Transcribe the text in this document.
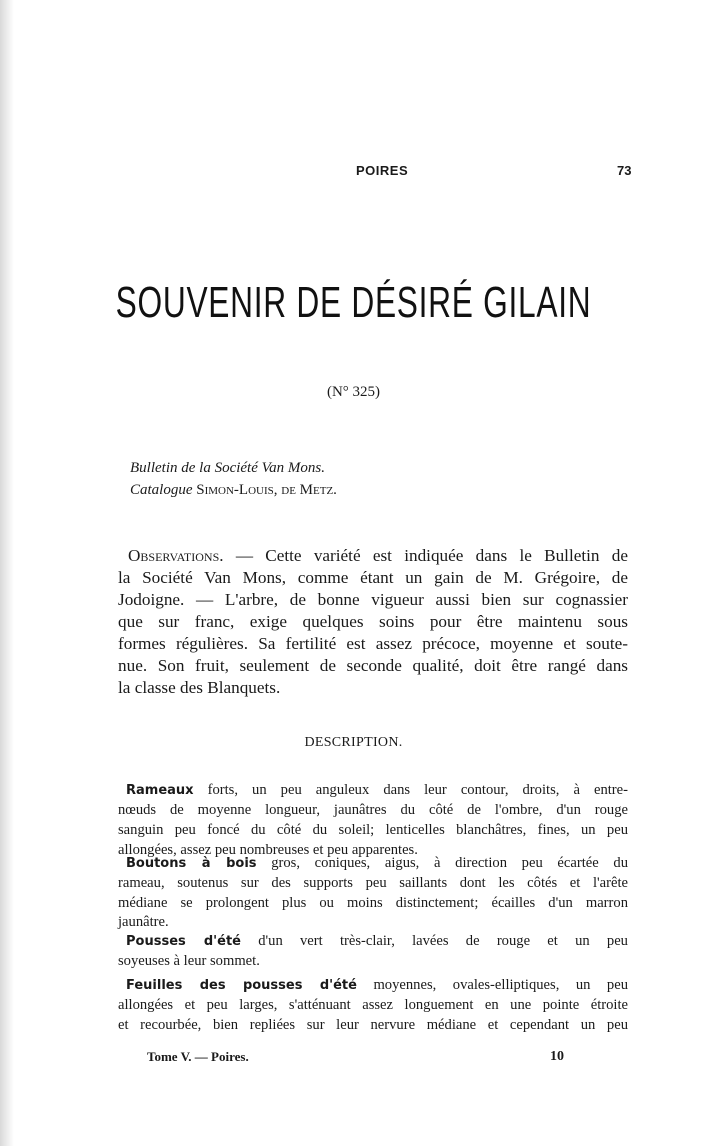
POIRES	73
SOUVENIR DE DÉSIRÉ GILAIN
(N° 325)
Bulletin de la Société Van Mons.
Catalogue Simon-Louis, de Metz.
Observations. — Cette variété est indiquée dans le Bulletin de
la Société Van Mons, comme étant un gain de M. Grégoire, de
Jodoigne. — L'arbre, de bonne vigueur aussi bien sur cognassier
que sur franc, exige quelques soins pour être maintenu sous
formes régulières. Sa fertilité est assez précoce, moyenne et soute-
nue. Son fruit, seulement de seconde qualité, doit être rangé dans
la classe des Blanquets.
DESCRIPTION.
Rameaux forts, un peu anguleux dans leur contour, droits, à entre-
nœuds de moyenne longueur, jaunâtres du côté de l'ombre, d'un rouge
sanguin peu foncé du côté du soleil; lenticelles blanchâtres, fines, un peu
allongées, assez peu nombreuses et peu apparentes.
Boutons à bois gros, coniques, aigus, à direction peu écartée du
rameau, soutenus sur des supports peu saillants dont les côtés et l'arête
médiane se prolongent plus ou moins distinctement; écailles d'un marron
jaunâtre.
Pousses d'été d'un vert très-clair, lavées de rouge et un peu
soyeuses à leur sommet.
Feuilles des pousses d'été moyennes, ovales-elliptiques, un peu
allongées et peu larges, s'atténuant assez longuement en une pointe étroite
et recourbée, bien repliées sur leur nervure médiane et cependant un peu
Tome V. — Poires.	10
